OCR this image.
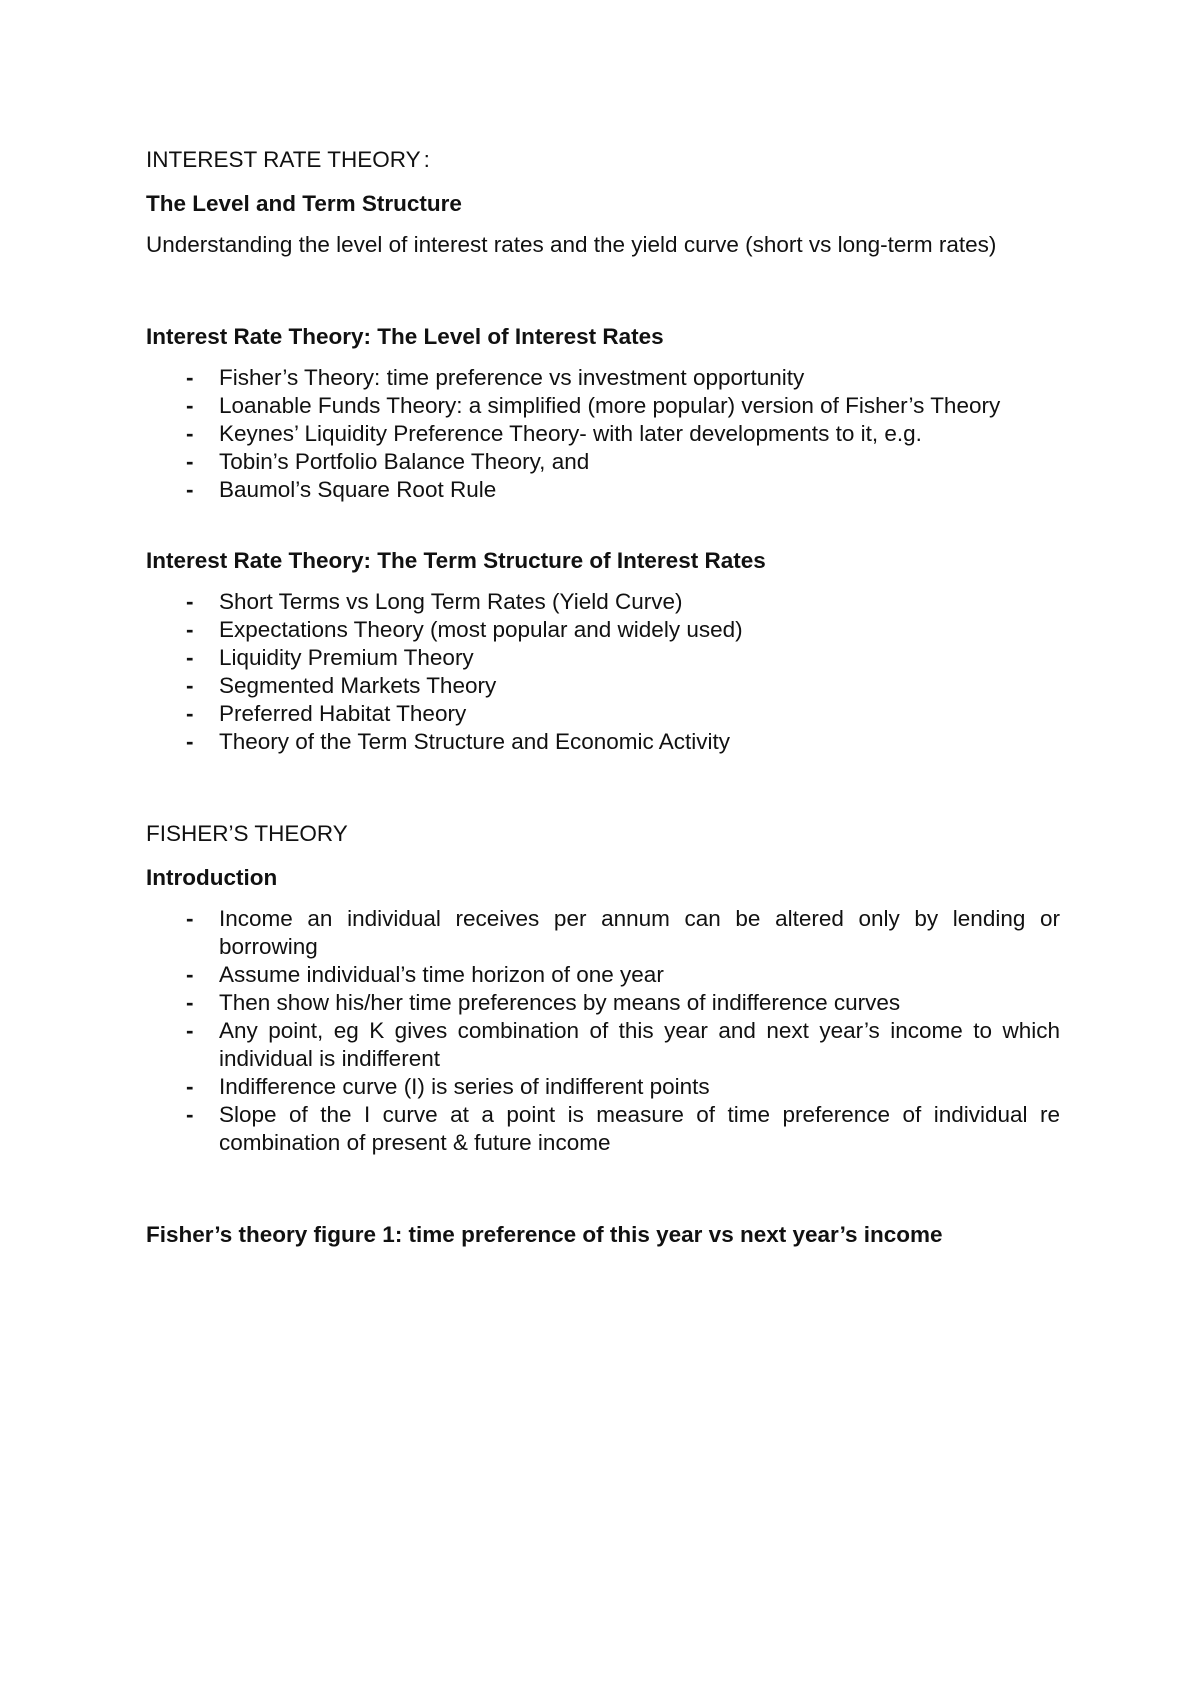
INTEREST RATE THEORY :

The Level and Term Structure

Understanding the level of interest rates and the yield curve (short vs long-term rates)

Interest Rate Theory: The Level of Interest Rates

- Fisher’s Theory: time preference vs investment opportunity
- Loanable Funds Theory: a simplified (more popular) version of Fisher’s Theory
- Keynes’ Liquidity Preference Theory- with later developments to it, e.g.
- Tobin’s Portfolio Balance Theory, and
- Baumol’s Square Root Rule

Interest Rate Theory: The Term Structure of Interest Rates

- Short Terms vs Long Term Rates (Yield Curve)
- Expectations Theory (most popular and widely used)
- Liquidity Premium Theory
- Segmented Markets Theory
- Preferred Habitat Theory
- Theory of the Term Structure and Economic Activity

FISHER’S THEORY

Introduction

- Income an individual receives per annum can be altered only by lending or borrowing
- Assume individual’s time horizon of one year
- Then show his/her time preferences by means of indifference curves
- Any point, eg K gives combination of this year and next year’s income to which individual is indifferent
- Indifference curve (I) is series of indifferent points
- Slope of the I curve at a point is measure of time preference of individual re combination of present & future income

Fisher’s theory figure 1: time preference of this year vs next year’s income
